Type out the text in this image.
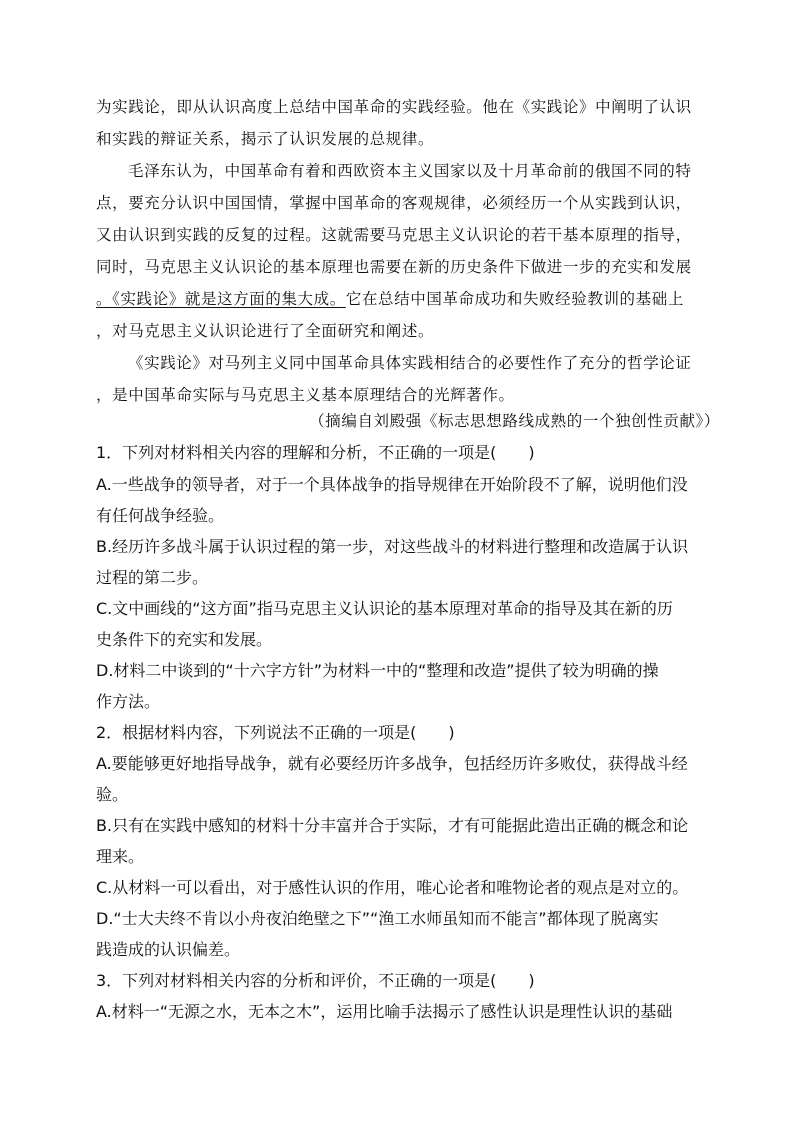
为实践论，即从认识高度上总结中国革命的实践经验。他在《实践论》中阐明了认识
和实践的辩证关系，揭示了认识发展的总规律。
毛泽东认为，中国革命有着和西欧资本主义国家以及十月革命前的俄国不同的特
点，要充分认识中国国情，掌握中国革命的客观规律，必须经历一个从实践到认识，
又由认识到实践的反复的过程。这就需要马克思主义认识论的若干基本原理的指导，
同时，马克思主义认识论的基本原理也需要在新的历史条件下做进一步的充实和发展
。《实践论》就是这方面的集大成。它在总结中国革命成功和失败经验教训的基础上
，对马克思主义认识论进行了全面研究和阐述。
《实践论》对马列主义同中国革命具体实践相结合的必要性作了充分的哲学论证
，是中国革命实际与马克思主义基本原理结合的光辉著作。
（摘编自刘殿强《标志思想路线成熟的一个独创性贡献》）
1．下列对材料相关内容的理解和分析，不正确的一项是(　　)
A.一些战争的领导者，对于一个具体战争的指导规律在开始阶段不了解，说明他们没
有任何战争经验。
B.经历许多战斗属于认识过程的第一步，对这些战斗的材料进行整理和改造属于认识
过程的第二步。
C.文中画线的“这方面”指马克思主义认识论的基本原理对革命的指导及其在新的历
史条件下的充实和发展。
D.材料二中谈到的“十六字方针”为材料一中的“整理和改造”提供了较为明确的操
作方法。
2．根据材料内容，下列说法不正确的一项是(　　)
A.要能够更好地指导战争，就有必要经历许多战争，包括经历许多败仗，获得战斗经
验。
B.只有在实践中感知的材料十分丰富并合于实际，才有可能据此造出正确的概念和论
理来。
C.从材料一可以看出，对于感性认识的作用，唯心论者和唯物论者的观点是对立的。
D.“士大夫终不肯以小舟夜泊绝壁之下”“渔工水师虽知而不能言”都体现了脱离实
践造成的认识偏差。
3．下列对材料相关内容的分析和评价，不正确的一项是(　　)
A.材料一“无源之水，无本之木”，运用比喻手法揭示了感性认识是理性认识的基础
